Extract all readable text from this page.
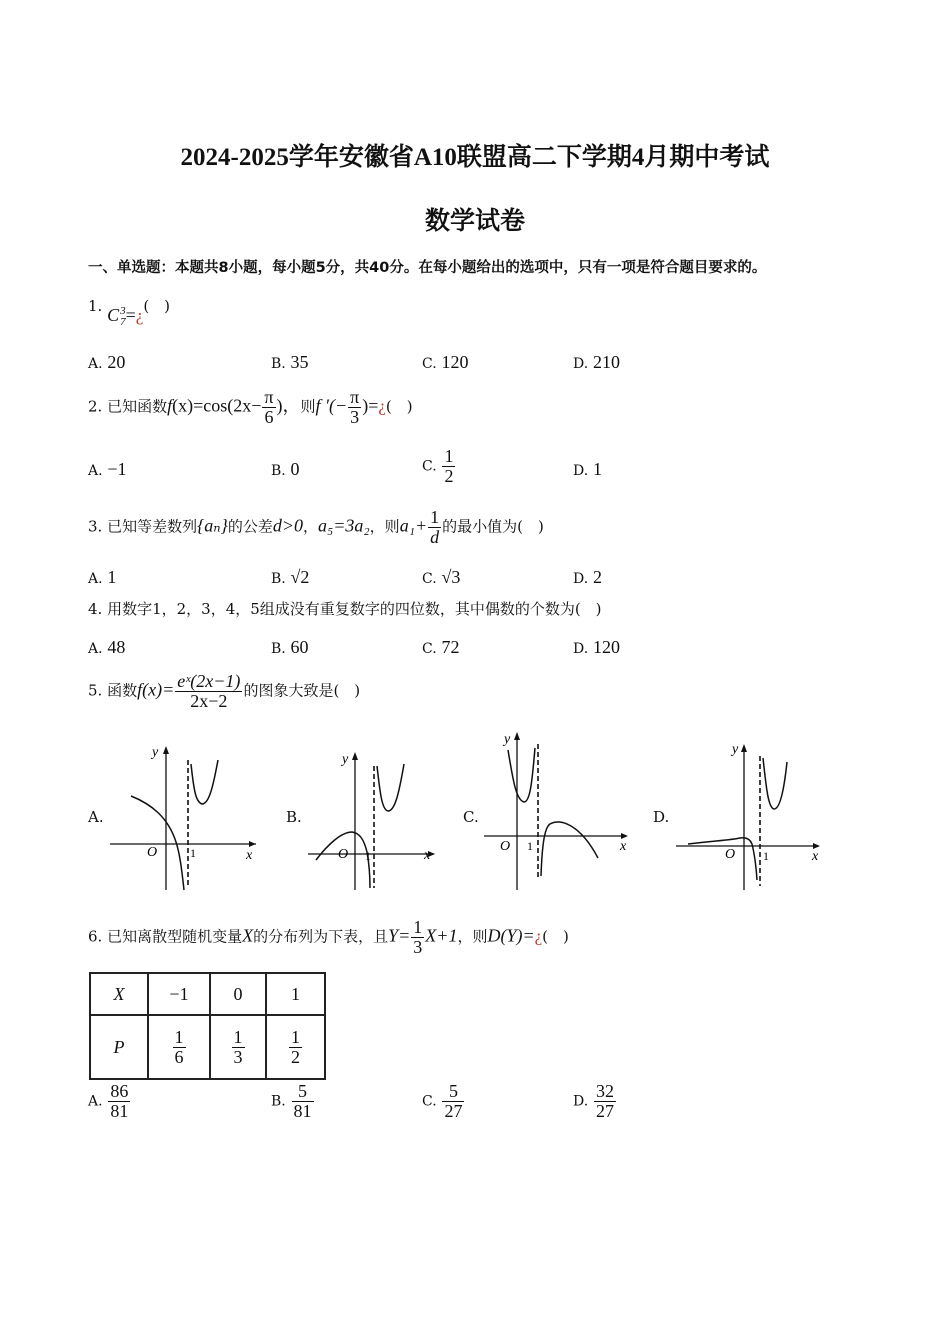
2024-2025学年安徽省A10联盟高二下学期4月期中考试
数学试卷
一、单选题：本题共8小题，每小题5分，共40分。在每小题给出的选项中，只有一项是符合题目要求的。
1. C 3
7 =¿(　)
A. 20	B. 35	C. 120	D. 210
2. 已知函数$f(x)=\cos(2x- \frac{\pi}{6}$ )，则f ′(− $\frac{\pi}{3}$ )=¿(　)
A. −1	B. 0	C. $\frac{1}{2}$	D. 1
3. 已知等差数列{aₙ}的公差d>0，a₅=3a₂，则$a_1+ \frac{1}{d}$ 的最小值为(　)
A. 1	B. √2	C. √3	D. 2
4. 用数字1，2，3，4，5组成没有重复数字的四位数，其中偶数的个数为(　)
A. 48	B. 60	C. 72	D. 120
5. 函数$f(x)= \frac{\text{eˣ(2x−1)}}{2x-2}$ 的图象大致是(　)
A.	B.	C.	D.
y
x
O	1
y
x
O 1
y
x
O 1
y
x
O 1
6. 已知离散型随机变量X的分布列为下表，且$Y= \frac{1}{3} X+1$，则D(Y)=¿(　)
X	−1	0	1
P	$\frac{1}{6}$	$\frac{1}{3}$	$\frac{1}{2}$
A. $\frac{86}{81}$	B. $\frac{5}{81}$	C. $\frac{5}{27}$	D. $\frac{32}{27}$
